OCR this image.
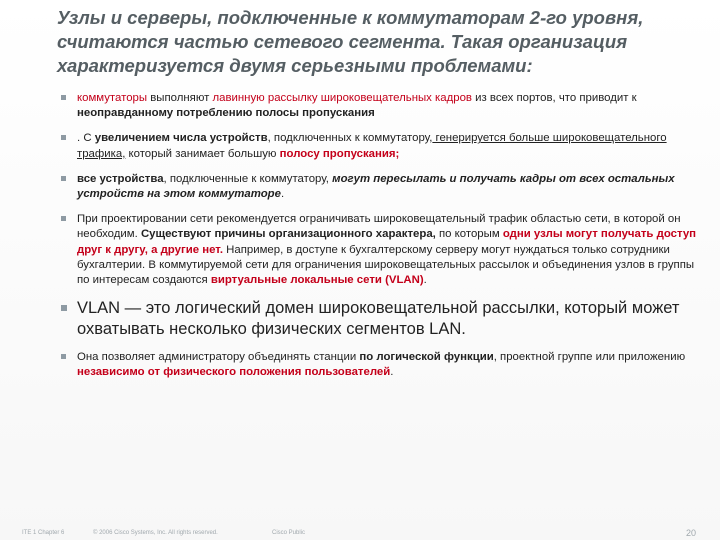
Узлы и серверы, подключенные к коммутаторам 2-го уровня, считаются частью сетевого сегмента. Такая организация характеризуется двумя серьезными проблемами:
коммутаторы выполняют лавинную рассылку широковещательных кадров из всех портов, что приводит к неоправданному потреблению полосы пропускания
. С увеличением числа устройств, подключенных к коммутатору, генерируется больше широковещательного трафика, который занимает большую полосу пропускания;
все устройства, подключенные к коммутатору, могут пересылать и получать кадры от всех остальных устройств на этом коммутаторе.
При проектировании сети рекомендуется ограничивать широковещательный трафик областью сети, в которой он необходим. Существуют причины организационного характера, по которым одни узлы могут получать доступ друг к другу, а другие нет. Например, в доступе к бухгалтерскому серверу могут нуждаться только сотрудники бухгалтерии. В коммутируемой сети для ограничения широковещательных рассылок и объединения узлов в группы по интересам создаются виртуальные локальные сети (VLAN).
VLAN — это логический домен широковещательной рассылки, который может охватывать несколько физических сегментов LAN.
Она позволяет администратору объединять станции по логической функции, проектной группе или приложению независимо от физического положения пользователей.
ITE 1 Chapter 6	© 2006 Cisco Systems, Inc. All rights reserved.	Cisco Public	20
